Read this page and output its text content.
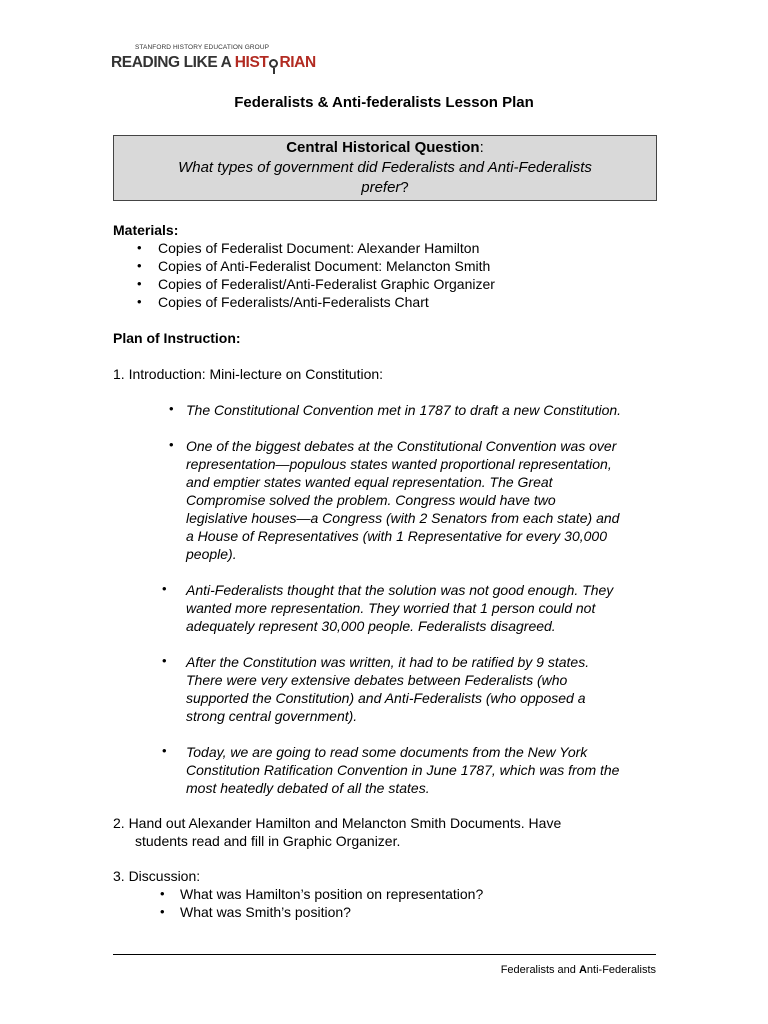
STANFORD HISTORY EDUCATION GROUP
READING LIKE A HIST RIAN
Federalists & Anti-federalists Lesson Plan
Central Historical Question:
What types of government did Federalists and Anti-Federalists
prefer?
Materials:
• Copies of Federalist Document: Alexander Hamilton
• Copies of Anti-Federalist Document: Melancton Smith
• Copies of Federalist/Anti-Federalist Graphic Organizer
• Copies of Federalists/Anti-Federalists Chart
Plan of Instruction:
1. Introduction: Mini-lecture on Constitution:
• The Constitutional Convention met in 1787 to draft a new Constitution.
• One of the biggest debates at the Constitutional Convention was over
representation—populous states wanted proportional representation,
and emptier states wanted equal representation. The Great
Compromise solved the problem. Congress would have two
legislative houses—a Congress (with 2 Senators from each state) and
a House of Representatives (with 1 Representative for every 30,000
people).
• Anti-Federalists thought that the solution was not good enough. They
wanted more representation. They worried that 1 person could not
adequately represent 30,000 people. Federalists disagreed.
• After the Constitution was written, it had to be ratified by 9 states.
There were very extensive debates between Federalists (who
supported the Constitution) and Anti-Federalists (who opposed a
strong central government).
• Today, we are going to read some documents from the New York
Constitution Ratification Convention in June 1787, which was from the
most heatedly debated of all the states.
2. Hand out Alexander Hamilton and Melancton Smith Documents. Have
students read and fill in Graphic Organizer.
3. Discussion:
• What was Hamilton’s position on representation?
• What was Smith’s position?
Federalists and Anti-Federalists
